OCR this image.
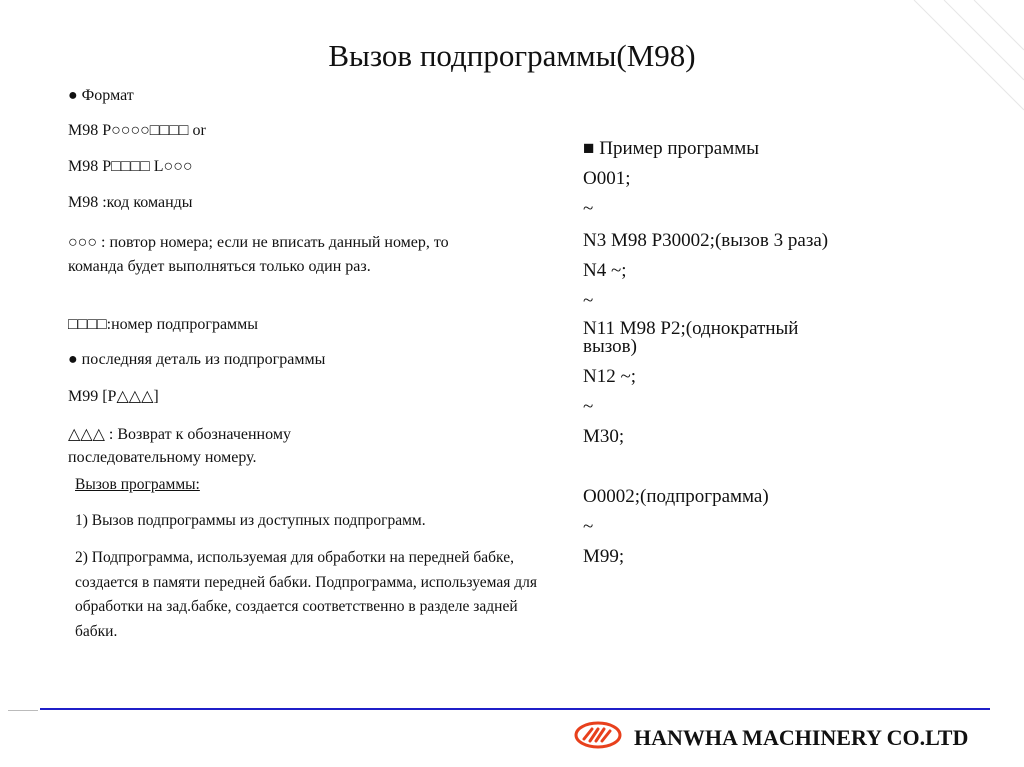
Вызов подпрограммы(M98)
● Формат
M98 P○○○○□□□□ or
M98 P□□□□ L○○○
M98 :код команды
○○○ : повтор номера; если не вписать данный номер, то команда будет выполняться только один раз.
□□□□:номер подпрограммы
● последняя деталь из подпрограммы
M99 [P△△△]
△△△ : Возврат к обозначенному последовательному номеру.
Вызов программы:
1) Вызов подпрограммы из доступных подпрограмм.
2) Подпрограмма, используемая для обработки на передней бабке, создается в памяти передней бабки. Подпрограмма, используемая для обработки на зад.бабке, создается соответственно в разделе задней бабки.
■ Пример программы
O001;
~
N3 M98 P30002;(вызов 3 раза)
N4 ~;
~
N11 M98 P2;(однократный вызов)
N12 ~;
~
M30;
O0002;(подпрограмма)
~
M99;
HANWHA MACHINERY CO.LTD
